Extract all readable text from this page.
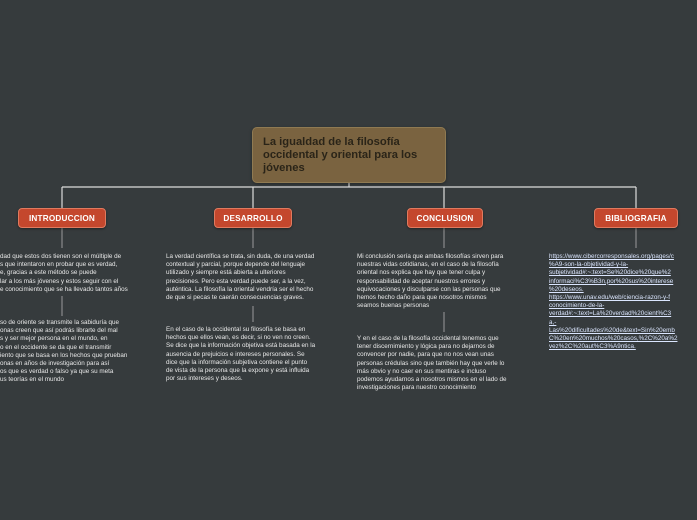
La igualdad de la filosofía occidental y oriental para los jóvenes
INTRODUCCION	DESARROLLO	CONCLUSION	BIBLIOGRAFIA
dad que estos dos tienen son el múltiple de
s que intentaron en probar que es verdad,
e, gracias a este método se puede
lar a los más jóvenes y estos seguir con el
e conocimiento que se ha llevado tantos años
so de oriente se transmite la sabiduría que
onas creen que así podrás librarte del mal
s y ser mejor persona en el mundo, en
o en el occidente se da que el transmitir
iento que se basa en los hechos que prueban
onas en años de investigación para así
os que es verdad o falso ya que su meta
us teorías en el mundo
La verdad científica se trata, sin duda, de una verdad
contextual y parcial, porque depende del lenguaje
utilizado y siempre está abierta a ulteriores
precisiones. Pero esta verdad puede ser, a la vez,
auténtica. La filosofía la oriental vendría ser el hecho
de que si pecas te caerán consecuencias graves.
En el caso de la occidental su filosofía se basa en
hechos que ellos vean, es decir, si no ven no creen.
Se dice que la información objetiva está basada en la
ausencia de prejuicios e intereses personales. Se
dice que la información subjetiva contiene el punto
de vista de la persona que la expone y está influida
por sus intereses y deseos.
Mi conclusión sería que ambas filosofías sirven para
nuestras vidas cotidianas, en el caso de la filosofía
oriental nos explica que hay que tener culpa y
responsabilidad de aceptar nuestros errores y
equivocaciones y disculparse con las personas que
hemos hecho daño para que nosotros mismos
seamos buenas personas
Y en el caso de la filosofía occidental tenemos que
tener discernimiento y lógica para no dejarnos de
convencer por nadie, para que no nos vean unas
personas crédulas sino que también hay que verle lo
más obvio y no caer en sus mentiras e incluso
podemos ayudarnos a nosotros mismos en el lado de
investigaciones para nuestro conocimiento
https://www.cibercorresponsales.org/pages/c
%A9-son-la-objetividad-y-la-
subjetividad#:~:text=Se%20dice%20que%2
informaci%C3%B3n,por%20sus%20interese
%20deseos.
https://www.unav.edu/web/ciencia-razon-y-f
conocimiento-de-la-
verdad#:~:text=La%20verdad%20cient%C3
a,-
Las%20dificultades%20de&text=Sin%20emb
C%20en%20muchos%20casos,%2C%20a%2
vez%2C%20aut%C3%A9ntica.
